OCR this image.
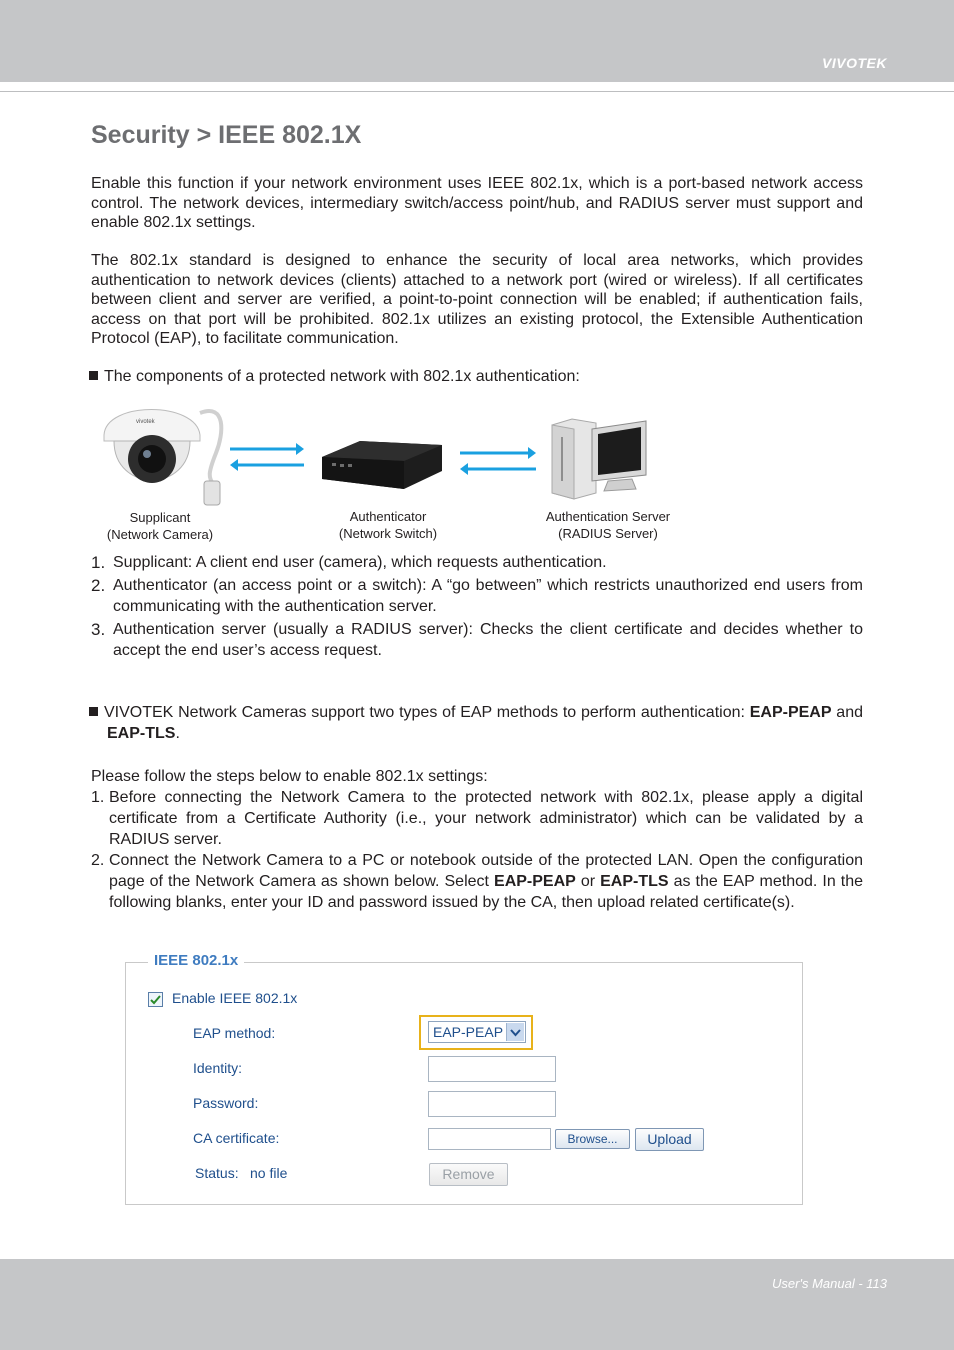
VIVOTEK
Security > IEEE 802.1X

Enable this function if your network environment uses IEEE 802.1x, which is a port-based network access control. The network devices, intermediary switch/access point/hub, and RADIUS server must support and enable 802.1x settings.

The 802.1x standard is designed to enhance the security of local area networks, which provides authentication to network devices (clients) attached to a network port (wired or wireless). If all certificates between client and server are verified, a point-to-point connection will be enabled; if authentication fails, access on that port will be prohibited. 802.1x utilizes an existing protocol, the Extensible Authentication Protocol (EAP), to facilitate communication.

The components of a protected network with 802.1x authentication:

vivotek
Supplicant
(Network Camera)
Authenticator
(Network Switch)
Authentication Server
(RADIUS Server)
1. Supplicant: A client end user (camera), which requests authentication.
2. Authenticator (an access point or a switch): A “go between” which restricts unauthorized end users from communicating with the authentication server.
3. Authentication server (usually a RADIUS server): Checks the client certificate and decides whether to accept the end user’s access request.

VIVOTEK Network Cameras support two types of EAP methods to perform authentication: EAP-PEAP and EAP-TLS.

Please follow the steps below to enable 802.1x settings:

1. Before connecting the Network Camera to the protected network with 802.1x, please apply a digital certificate from a Certificate Authority (i.e., your network administrator) which can be validated by a RADIUS server.
2. Connect the Network Camera to a PC or notebook outside of the protected LAN. Open the configuration page of the Network Camera as shown below. Select EAP-PEAP or EAP-TLS as the EAP method. In the following blanks, enter your ID and password issued by the CA, then upload related certificate(s).
IEEE 802.1x
Enable IEEE 802.1x
EAP method:	EAP-PEAP
Identity:
Password:
CA certificate:	Browse...	Upload
Status: no file	Remove
User's Manual - 113
